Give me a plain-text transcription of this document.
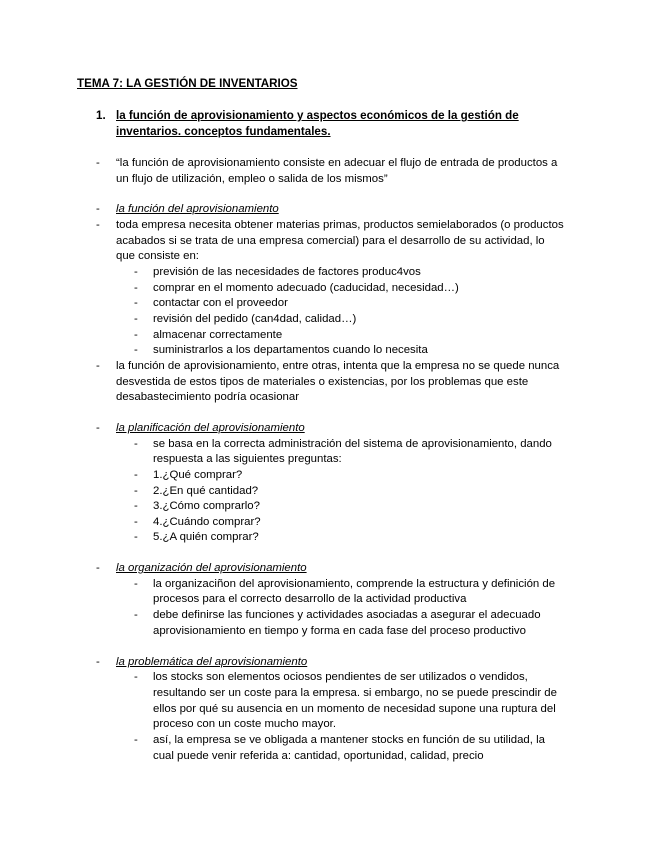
TEMA 7: LA GESTIÓN DE INVENTARIOS
1. la función de aprovisionamiento y aspectos económicos de la gestión de
inventarios. conceptos fundamentales.
- “la función de aprovisionamiento consiste en adecuar el flujo de entrada de productos a
un flujo de utilización, empleo o salida de los mismos”
- la función del aprovisionamiento
- toda empresa necesita obtener materias primas, productos semielaborados (o productos
acabados si se trata de una empresa comercial) para el desarrollo de su actividad, lo
que consiste en:
- previsión de las necesidades de factores produc4vos
- comprar en el momento adecuado (caducidad, necesidad…)
- contactar con el proveedor
- revisión del pedido (can4dad, calidad…)
- almacenar correctamente
- suministrarlos a los departamentos cuando lo necesita
- la función de aprovisionamiento, entre otras, intenta que la empresa no se quede nunca
desvestida de estos tipos de materiales o existencias, por los problemas que este
desabastecimiento podría ocasionar
- la planificación del aprovisionamiento
- se basa en la correcta administración del sistema de aprovisionamiento, dando
respuesta a las siguientes preguntas:
- 1.¿Qué comprar?
- 2.¿En qué cantidad?
- 3.¿Cómo comprarlo?
- 4.¿Cuándo comprar?
- 5.¿A quién comprar?
- la organización del aprovisionamiento
- la organizaciñon del aprovisionamiento, comprende la estructura y definición de
procesos para el correcto desarrollo de la actividad productiva
- debe definirse las funciones y actividades asociadas a asegurar el adecuado
aprovisionamiento en tiempo y forma en cada fase del proceso productivo
- la problemática del aprovisionamiento
- los stocks son elementos ociosos pendientes de ser utilizados o vendidos,
resultando ser un coste para la empresa. si embargo, no se puede prescindir de
ellos por qué su ausencia en un momento de necesidad supone una ruptura del
proceso con un coste mucho mayor.
- así, la empresa se ve obligada a mantener stocks en función de su utilidad, la
cual puede venir referida a: cantidad, oportunidad, calidad, precio
